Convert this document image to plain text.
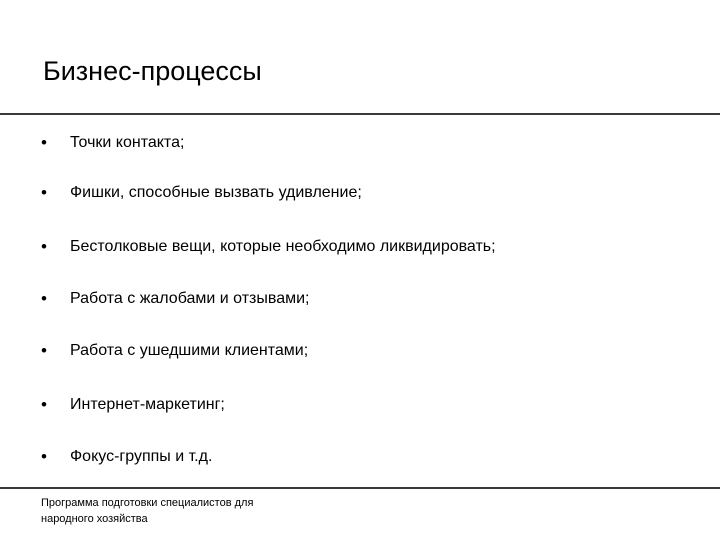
Бизнес-процессы
• Точки контакта;
• Фишки, способные вызвать удивление;
• Бестолковые вещи, которые необходимо ликвидировать;
• Работа с жалобами и отзывами;
• Работа с ушедшими клиентами;
• Интернет-маркетинг;
• Фокус-группы и т.д.
Программа подготовки специалистов для
народного хозяйства
